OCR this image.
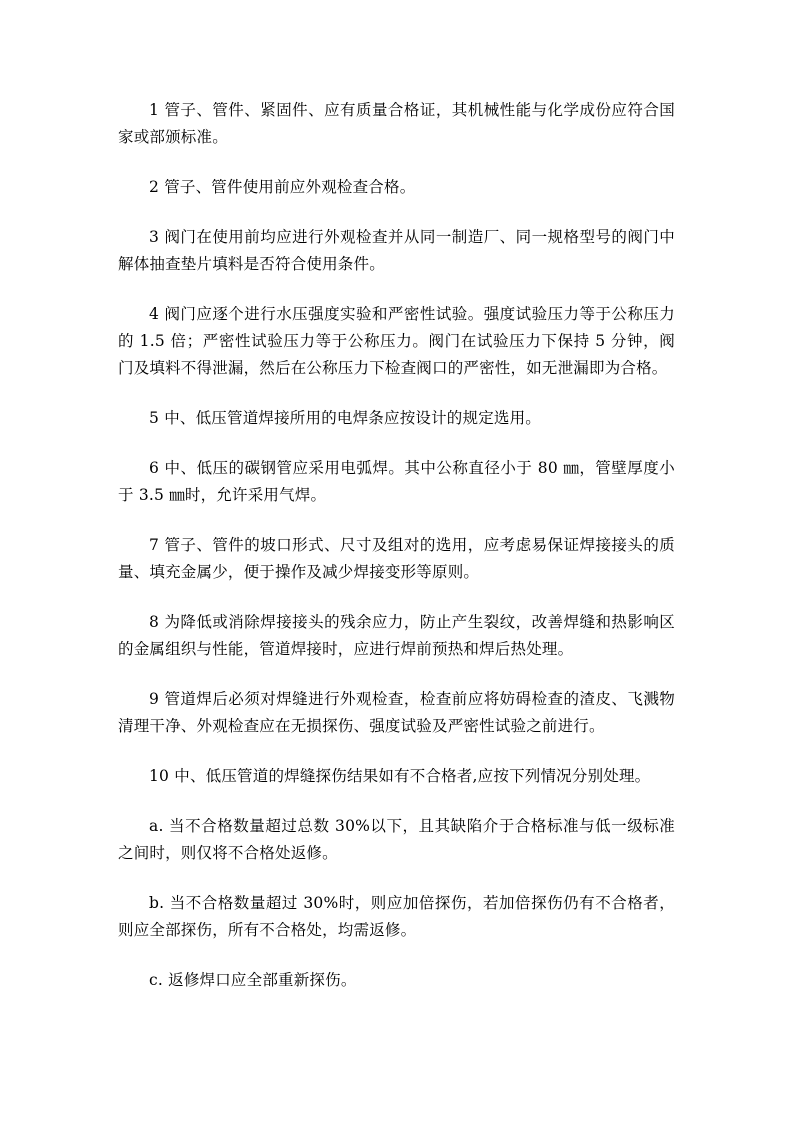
1 管子、管件、紧固件、应有质量合格证，其机械性能与化学成份应符合国家或部颁标准。

2 管子、管件使用前应外观检查合格。

3 阀门在使用前均应进行外观检查并从同一制造厂、同一规格型号的阀门中解体抽查垫片填料是否符合使用条件。

4 阀门应逐个进行水压强度实验和严密性试验。强度试验压力等于公称压力的 1.5 倍；严密性试验压力等于公称压力。阀门在试验压力下保持 5 分钟，阀门及填料不得泄漏，然后在公称压力下检查阀口的严密性，如无泄漏即为合格。

5 中、低压管道焊接所用的电焊条应按设计的规定选用。

6 中、低压的碳钢管应采用电弧焊。其中公称直径小于 80 ㎜，管壁厚度小于 3.5 ㎜时，允许采用气焊。

7 管子、管件的坡口形式、尺寸及组对的选用，应考虑易保证焊接接头的质量、填充金属少，便于操作及减少焊接变形等原则。

8 为降低或消除焊接接头的残余应力，防止产生裂纹，改善焊缝和热影响区的金属组织与性能，管道焊接时，应进行焊前预热和焊后热处理。

9 管道焊后必须对焊缝进行外观检查，检查前应将妨碍检查的渣皮、飞溅物清理干净、外观检查应在无损探伤、强度试验及严密性试验之前进行。

10 中、低压管道的焊缝探伤结果如有不合格者,应按下列情况分别处理。

a. 当不合格数量超过总数 30%以下，且其缺陷介于合格标准与低一级标准之间时，则仅将不合格处返修。

b. 当不合格数量超过 30%时，则应加倍探伤，若加倍探伤仍有不合格者，则应全部探伤，所有不合格处，均需返修。

c. 返修焊口应全部重新探伤。
